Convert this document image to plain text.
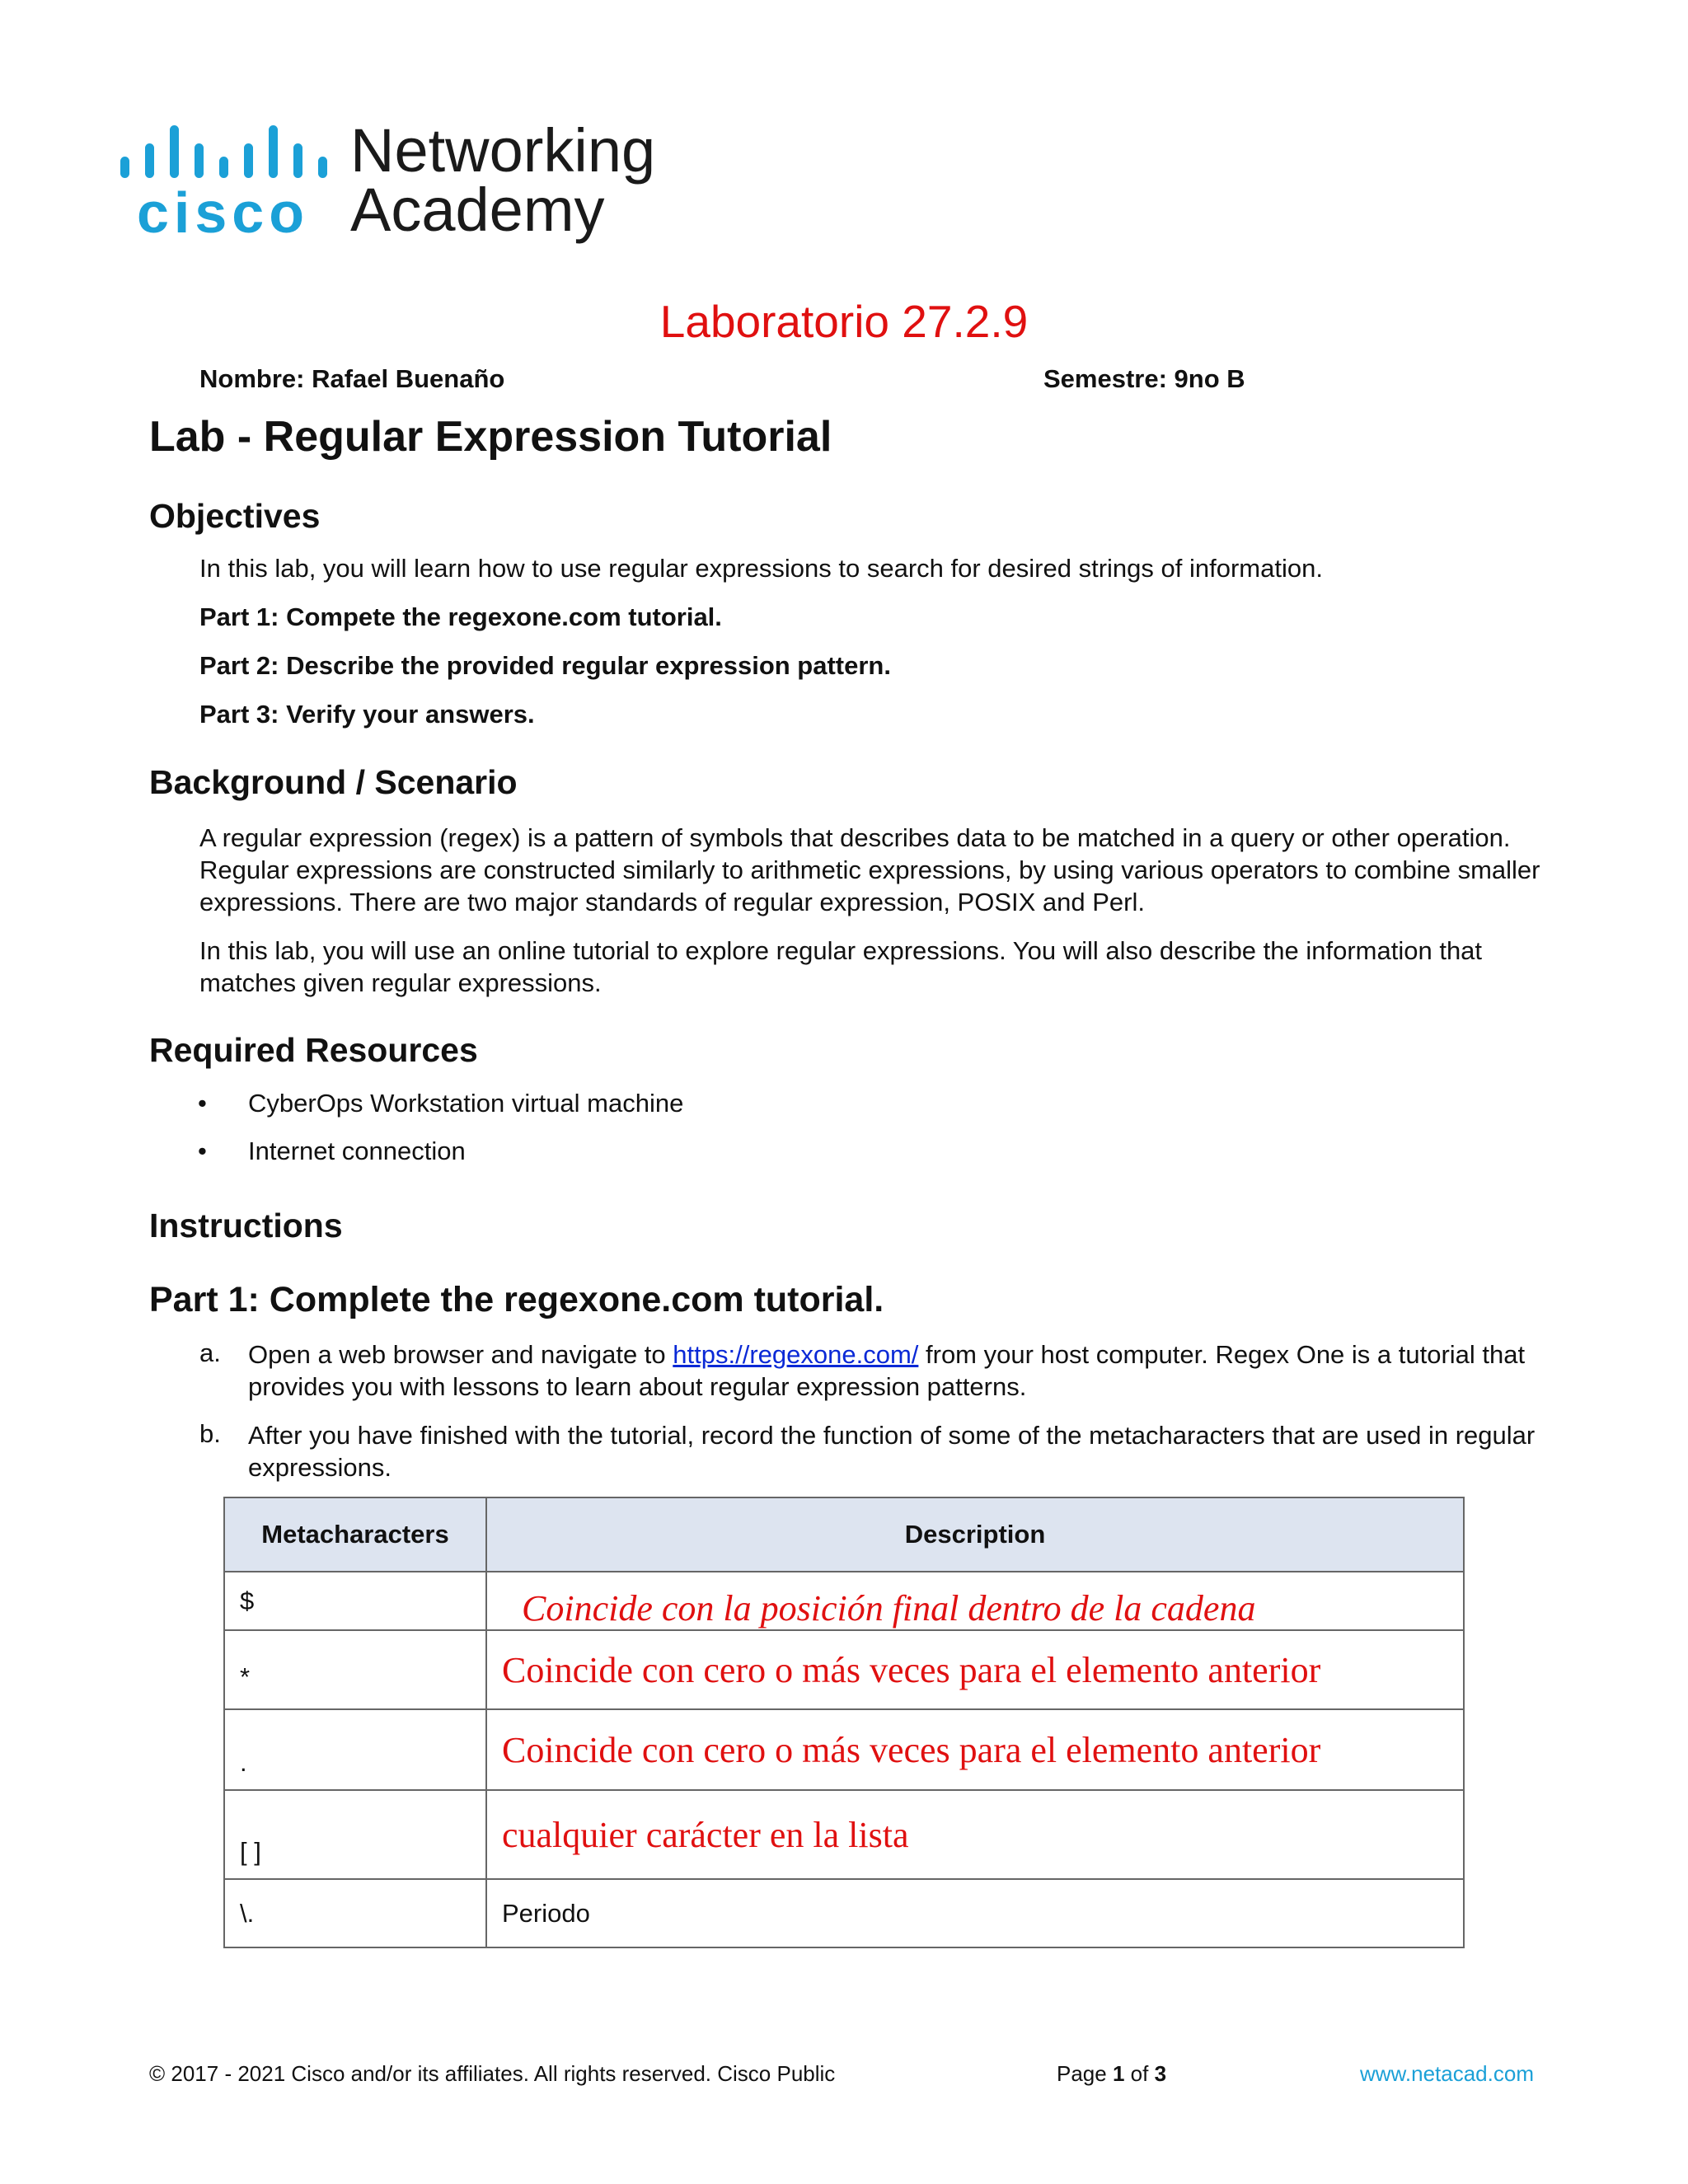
cisco
Networking
Academy
Laboratorio 27.2.9
Nombre: Rafael Buenaño	Semestre: 9no B
Lab - Regular Expression Tutorial
Objectives
In this lab, you will learn how to use regular expressions to search for desired strings of information.
Part 1: Compete the regexone.com tutorial.
Part 2: Describe the provided regular expression pattern.
Part 3: Verify your answers.
Background / Scenario
A regular expression (regex) is a pattern of symbols that describes data to be matched in a query or other operation. Regular expressions are constructed similarly to arithmetic expressions, by using various operators to combine smaller expressions. There are two major standards of regular expression, POSIX and Perl.
In this lab, you will use an online tutorial to explore regular expressions. You will also describe the information that matches given regular expressions.
Required Resources
• CyberOps Workstation virtual machine
• Internet connection
Instructions
Part 1: Complete the regexone.com tutorial.
a. Open a web browser and navigate to https://regexone.com/ from your host computer. Regex One is a tutorial that provides you with lessons to learn about regular expression patterns.
b. After you have finished with the tutorial, record the function of some of the metacharacters that are used in regular expressions.
Metacharacters	Description
$	Coincide con la posición final dentro de la cadena
*	Coincide con cero o más veces para el elemento anterior
.	Coincide con cero o más veces para el elemento anterior
[ ]	cualquier carácter en la lista
\.	Periodo
© 2017 - 2021 Cisco and/or its affiliates. All rights reserved. Cisco Public	Page 1 of 3	www.netacad.com
